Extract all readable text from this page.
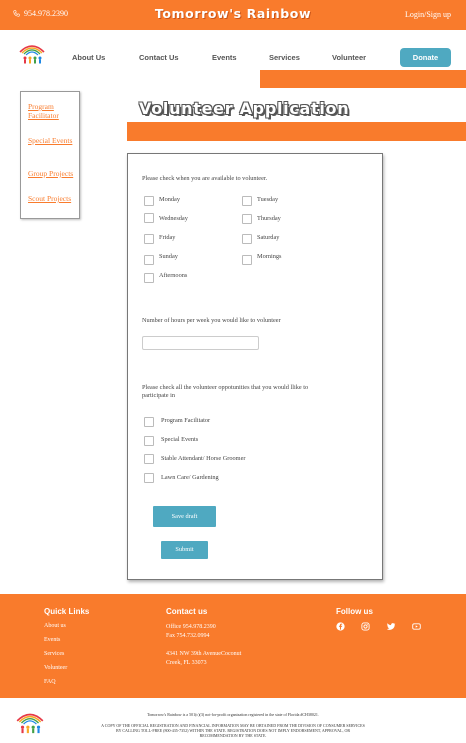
954.978.2390	Tomorrow's Rainbow	Login/Sign up
About Us	Contact Us	Events	Services	Volunteer	Donate
Program Facilitator
Special Events
Group Projects
Scout Projects
Volunteer Application
Please check when you are available to volunteer.
Monday	Tuesday
Wednesday	Thursday
Friday	Saturday
Sunday	Mornings
Afternoons
Number of hours per week you would like to volunteer
Please check all the volunteer oppotunities that you would llike to participate in
Program Facilitator
Special Events
Stable Attendant/ Horse Groomer
Lawn Care/ Gardening
Save draft
Submit
Quick Links
About us
Events
Services
Volunteer
FAQ
Contact us
Office 954.978.2390
Fax 754.732.0994
4341 NW 39th AvenueCoconut
Creek, FL 33073
Follow us
Tomorrow's Rainbow is a 501(c)(3) not-for-profit organization registered in the state of Florida #CH38021.
A COPY OF THE OFFICIAL REGISTRATION AND FINANCIAL INFORMATION MAY BE OBTAINED FROM THE DIVISION OF CONSUMER SERVICES BY CALLING TOLL-FREE (800-435-7352) WITHIN THE STATE. REGISTRATION DOES NOT IMPLY ENDORSEMENT, APPROVAL, OR RECOMMENDATION BY THE STATE.
